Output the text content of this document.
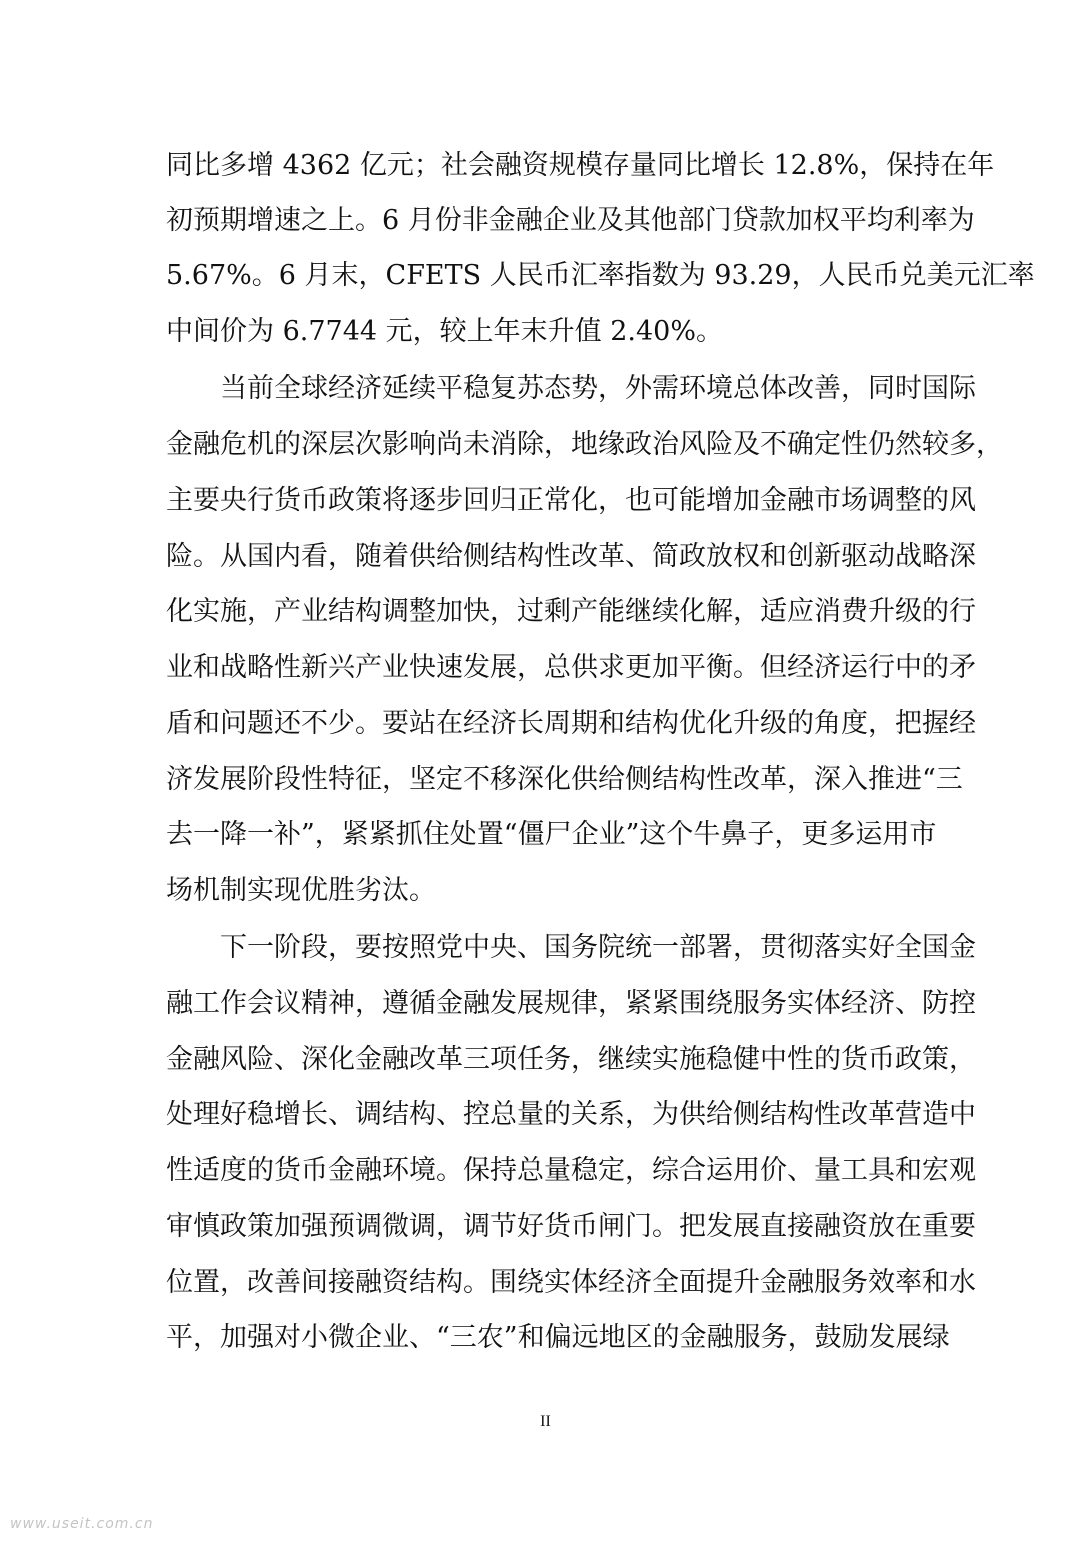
同比多增 4362 亿元；社会融资规模存量同比增长 12.8%，保持在年
初预期增速之上。6 月份非金融企业及其他部门贷款加权平均利率为
5.67%。6 月末，CFETS 人民币汇率指数为 93.29，人民币兑美元汇率
中间价为 6.7744 元，较上年末升值 2.40%。
当前全球经济延续平稳复苏态势，外需环境总体改善，同时国际
金融危机的深层次影响尚未消除，地缘政治风险及不确定性仍然较多，
主要央行货币政策将逐步回归正常化，也可能增加金融市场调整的风
险。从国内看，随着供给侧结构性改革、简政放权和创新驱动战略深
化实施，产业结构调整加快，过剩产能继续化解，适应消费升级的行
业和战略性新兴产业快速发展，总供求更加平衡。但经济运行中的矛
盾和问题还不少。要站在经济长周期和结构优化升级的角度，把握经
济发展阶段性特征，坚定不移深化供给侧结构性改革，深入推进“三
去一降一补”，紧紧抓住处置“僵尸企业”这个牛鼻子，更多运用市
场机制实现优胜劣汰。
下一阶段，要按照党中央、国务院统一部署，贯彻落实好全国金
融工作会议精神，遵循金融发展规律，紧紧围绕服务实体经济、防控
金融风险、深化金融改革三项任务，继续实施稳健中性的货币政策，
处理好稳增长、调结构、控总量的关系，为供给侧结构性改革营造中
性适度的货币金融环境。保持总量稳定，综合运用价、量工具和宏观
审慎政策加强预调微调，调节好货币闸门。把发展直接融资放在重要
位置，改善间接融资结构。围绕实体经济全面提升金融服务效率和水
平，加强对小微企业、“三农”和偏远地区的金融服务，鼓励发展绿
II
www.useit.com.cn
